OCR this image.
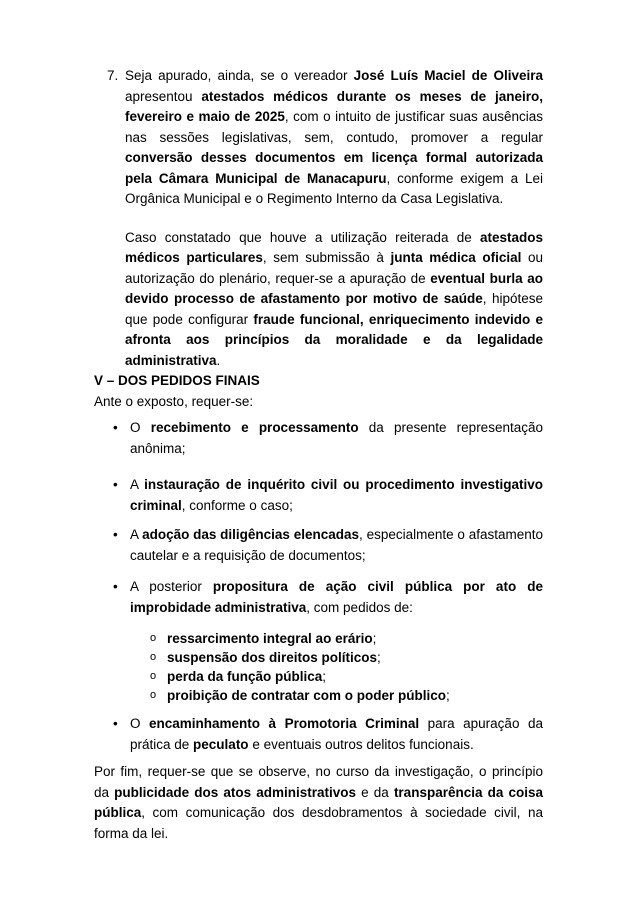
7. Seja apurado, ainda, se o vereador José Luís Maciel de Oliveira apresentou atestados médicos durante os meses de janeiro, fevereiro e maio de 2025, com o intuito de justificar suas ausências nas sessões legislativas, sem, contudo, promover a regular conversão desses documentos em licença formal autorizada pela Câmara Municipal de Manacapuru, conforme exigem a Lei Orgânica Municipal e o Regimento Interno da Casa Legislativa.
Caso constatado que houve a utilização reiterada de atestados médicos particulares, sem submissão à junta médica oficial ou autorização do plenário, requer-se a apuração de eventual burla ao devido processo de afastamento por motivo de saúde, hipótese que pode configurar fraude funcional, enriquecimento indevido e afronta aos princípios da moralidade e da legalidade administrativa.
V – DOS PEDIDOS FINAIS
Ante o exposto, requer-se:
• O recebimento e processamento da presente representação anônima;
• A instauração de inquérito civil ou procedimento investigativo criminal, conforme o caso;
• A adoção das diligências elencadas, especialmente o afastamento cautelar e a requisição de documentos;
• A posterior propositura de ação civil pública por ato de improbidade administrativa, com pedidos de:
o ressarcimento integral ao erário;
o suspensão dos direitos políticos;
o perda da função pública;
o proibição de contratar com o poder público;
• O encaminhamento à Promotoria Criminal para apuração da prática de peculato e eventuais outros delitos funcionais.
Por fim, requer-se que se observe, no curso da investigação, o princípio da publicidade dos atos administrativos e da transparência da coisa pública, com comunicação dos desdobramentos à sociedade civil, na forma da lei.
